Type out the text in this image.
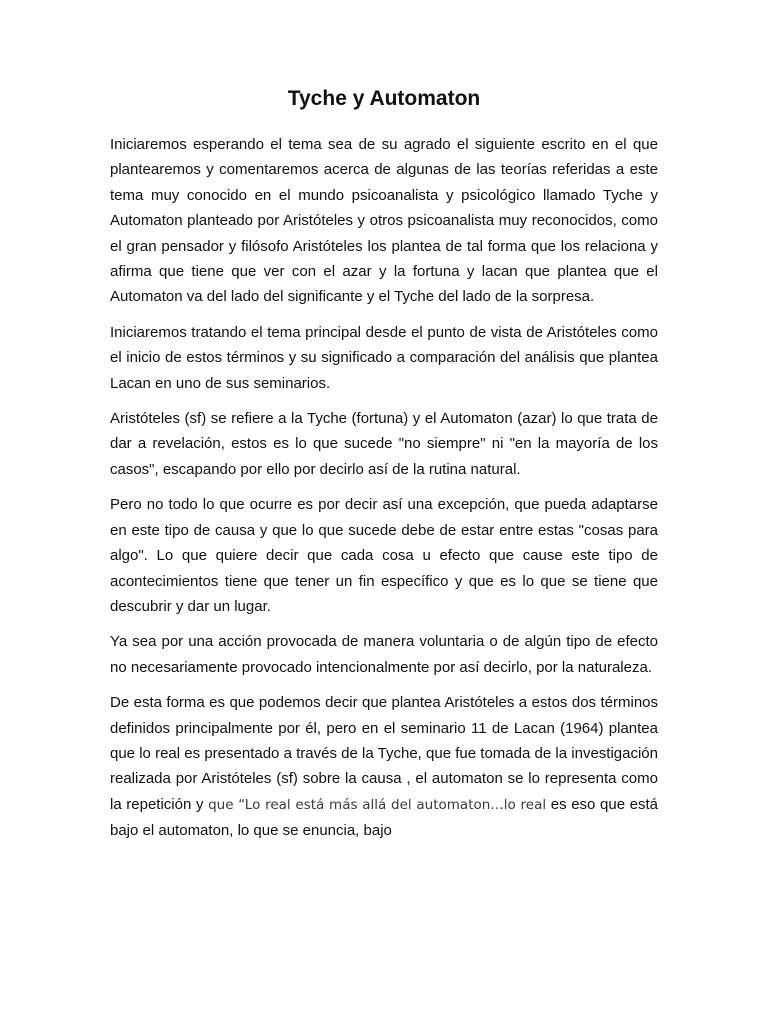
Tyche y Automaton

Iniciaremos esperando el tema sea de su agrado el siguiente escrito en el que plantearemos y comentaremos acerca de algunas de las teorías referidas a este tema muy conocido en el mundo psicoanalista y psicológico llamado Tyche y Automaton planteado por Aristóteles y otros psicoanalista muy reconocidos, como el gran pensador y filósofo Aristóteles los plantea de tal forma que los relaciona y afirma que tiene que ver con el azar y la fortuna y lacan que plantea que el Automaton va del lado del significante y el Tyche del lado de la sorpresa.

Iniciaremos tratando el tema principal desde el punto de vista de Aristóteles como el inicio de estos términos y su significado a comparación del análisis que plantea Lacan en uno de sus seminarios.

Aristóteles (sf) se refiere a la Tyche (fortuna) y el Automaton (azar) lo que trata de dar a revelación, estos es lo que sucede "no siempre" ni "en la mayoría de los casos", escapando por ello por decirlo así de la rutina natural.

Pero no todo lo que ocurre es por decir así una excepción, que pueda adaptarse en este tipo de causa y que lo que sucede debe de estar entre estas "cosas para algo". Lo que quiere decir que cada cosa u efecto que cause este tipo de acontecimientos tiene que tener un fin específico y que es lo que se tiene que descubrir y dar un lugar.

Ya sea por una acción provocada de manera voluntaria o de algún tipo de efecto no necesariamente provocado intencionalmente por así decirlo, por la naturaleza.

De esta forma es que podemos decir que plantea Aristóteles a estos dos términos definidos principalmente por él, pero en el seminario 11 de Lacan (1964) plantea que lo real es presentado a través de la Tyche, que fue tomada de la investigación realizada por Aristóteles (sf) sobre la causa , el automaton se lo representa como la repetición y que “Lo real está más allá del automaton…lo real es eso que está bajo el automaton, lo que se enuncia, bajo
